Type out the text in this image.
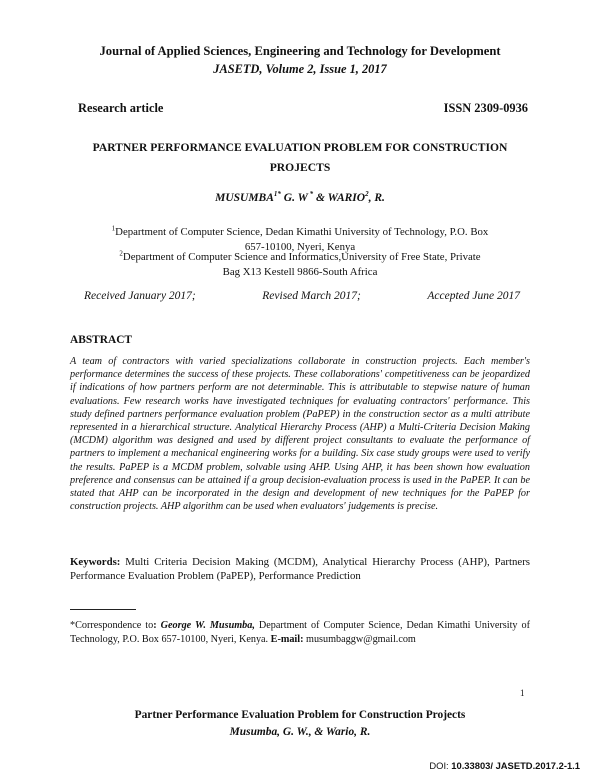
Journal of Applied Sciences, Engineering and Technology for Development
JASETD, Volume 2, Issue 1, 2017
Research article	ISSN 2309-0936
PARTNER PERFORMANCE EVALUATION PROBLEM FOR CONSTRUCTION
PROJECTS
$MUSUMBA^{1*}$ G. W * & WARIO$^2$, R.
$^1$Department of Computer Science, Dedan Kimathi University of Technology, P.O. Box
657-10100, Nyeri, Kenya
$^2$Department of Computer Science and Informatics,University of Free State, Private
Bag X13 Kestell 9866-South Africa
Received January 2017;	Revised March 2017;	Accepted June 2017
ABSTRACT
A team of contractors with varied specializations collaborate in construction projects. Each member's performance determines the success of these projects. These collaborations' competitiveness can be jeopardized if indications of how partners perform are not determinable. This is attributable to stepwise nature of human evaluations. Few research works have investigated techniques for evaluating contractors' performance. This study defined partners performance evaluation problem (PaPEP) in the construction sector as a multi attribute represented in a hierarchical structure. Analytical Hierarchy Process (AHP) a Multi-Criteria Decision Making (MCDM) algorithm was designed and used by different project consultants to evaluate the performance of partners to implement a mechanical engineering works for a building. Six case study groups were used to verify the results. PaPEP is a MCDM problem, solvable using AHP. Using AHP, it has been shown how evaluation preference and consensus can be attained if a group decision-evaluation process is used in the PaPEP. It can be stated that AHP can be incorporated in the design and development of new techniques for the PaPEP for construction projects. AHP algorithm can be used when evaluators' judgements is precise.
Keywords: Multi Criteria Decision Making (MCDM), Analytical Hierarchy Process (AHP), Partners Performance Evaluation Problem (PaPEP), Performance Prediction
*Correspondence to: George W. Musumba, Department of Computer Science, Dedan Kimathi University of Technology, P.O. Box 657-10100, Nyeri, Kenya. E-mail: musumbaggw@gmail.com
1
Partner Performance Evaluation Problem for Construction Projects
Musumba, G. W., & Wario, R.
DOI: 10.33803/ JASETD.2017.2-1.1
